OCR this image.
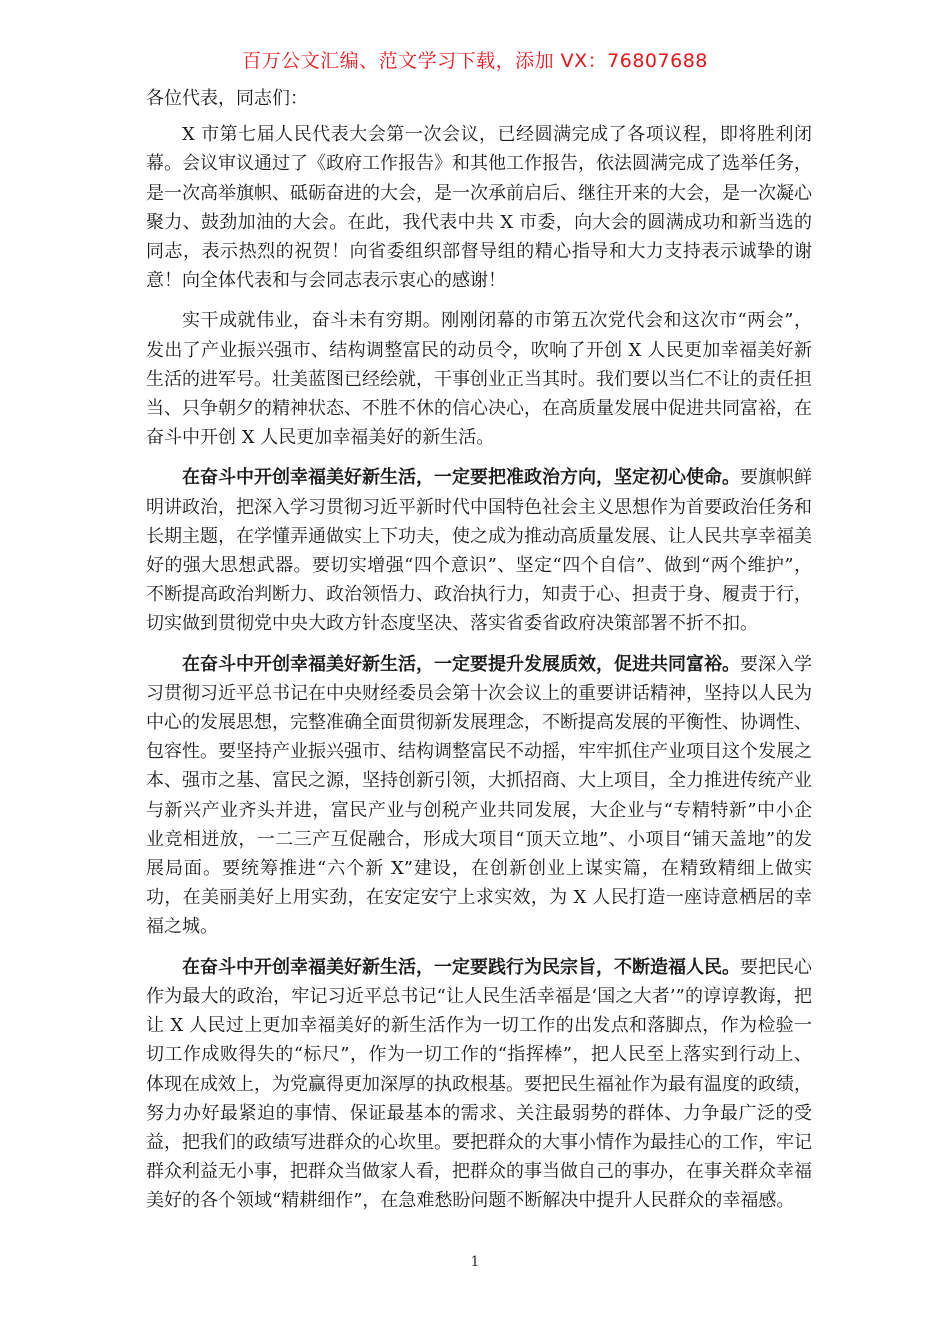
百万公文汇编、范文学习下载，添加 VX：76807688

各位代表，同志们：

X 市第七届人民代表大会第一次会议，已经圆满完成了各项议程，即将胜利闭幕。会议审议通过了《政府工作报告》和其他工作报告，依法圆满完成了选举任务，是一次高举旗帜、砥砺奋进的大会，是一次承前启后、继往开来的大会，是一次凝心聚力、鼓劲加油的大会。在此，我代表中共 X 市委，向大会的圆满成功和新当选的同志，表示热烈的祝贺！向省委组织部督导组的精心指导和大力支持表示诚挚的谢意！向全体代表和与会同志表示衷心的感谢！

实干成就伟业，奋斗未有穷期。刚刚闭幕的市第五次党代会和这次市“两会”，发出了产业振兴强市、结构调整富民的动员令，吹响了开创 X 人民更加幸福美好新生活的进军号。壮美蓝图已经绘就，干事创业正当其时。我们要以当仁不让的责任担当、只争朝夕的精神状态、不胜不休的信心决心，在高质量发展中促进共同富裕，在奋斗中开创 X 人民更加幸福美好的新生活。

在奋斗中开创幸福美好新生活，一定要把准政治方向，坚定初心使命。要旗帜鲜明讲政治，把深入学习贯彻习近平新时代中国特色社会主义思想作为首要政治任务和长期主题，在学懂弄通做实上下功夫，使之成为推动高质量发展、让人民共享幸福美好的强大思想武器。要切实增强“四个意识”、坚定“四个自信”、做到“两个维护”，不断提高政治判断力、政治领悟力、政治执行力，知责于心、担责于身、履责于行，切实做到贯彻党中央大政方针态度坚决、落实省委省政府决策部署不折不扣。

在奋斗中开创幸福美好新生活，一定要提升发展质效，促进共同富裕。要深入学习贯彻习近平总书记在中央财经委员会第十次会议上的重要讲话精神，坚持以人民为中心的发展思想，完整准确全面贯彻新发展理念，不断提高发展的平衡性、协调性、包容性。要坚持产业振兴强市、结构调整富民不动摇，牢牢抓住产业项目这个发展之本、强市之基、富民之源，坚持创新引领，大抓招商、大上项目，全力推进传统产业与新兴产业齐头并进，富民产业与创税产业共同发展，大企业与“专精特新”中小企业竞相迸放，一二三产互促融合，形成大项目“顶天立地”、小项目“铺天盖地”的发展局面。要统筹推进“六个新 X”建设，在创新创业上谋实篇，在精致精细上做实功，在美丽美好上用实劲，在安定安宁上求实效，为 X 人民打造一座诗意栖居的幸福之城。

在奋斗中开创幸福美好新生活，一定要践行为民宗旨，不断造福人民。要把民心作为最大的政治，牢记习近平总书记“让人民生活幸福是‘国之大者’”的谆谆教诲，把让 X 人民过上更加幸福美好的新生活作为一切工作的出发点和落脚点，作为检验一切工作成败得失的“标尺”，作为一切工作的“指挥棒”，把人民至上落实到行动上、体现在成效上，为党赢得更加深厚的执政根基。要把民生福祉作为最有温度的政绩，努力办好最紧迫的事情、保证最基本的需求、关注最弱势的群体、力争最广泛的受益，把我们的政绩写进群众的心坎里。要把群众的大事小情作为最挂心的工作，牢记群众利益无小事，把群众当做家人看，把群众的事当做自己的事办，在事关群众幸福美好的各个领域“精耕细作”，在急难愁盼问题不断解决中提升人民群众的幸福感。

1
